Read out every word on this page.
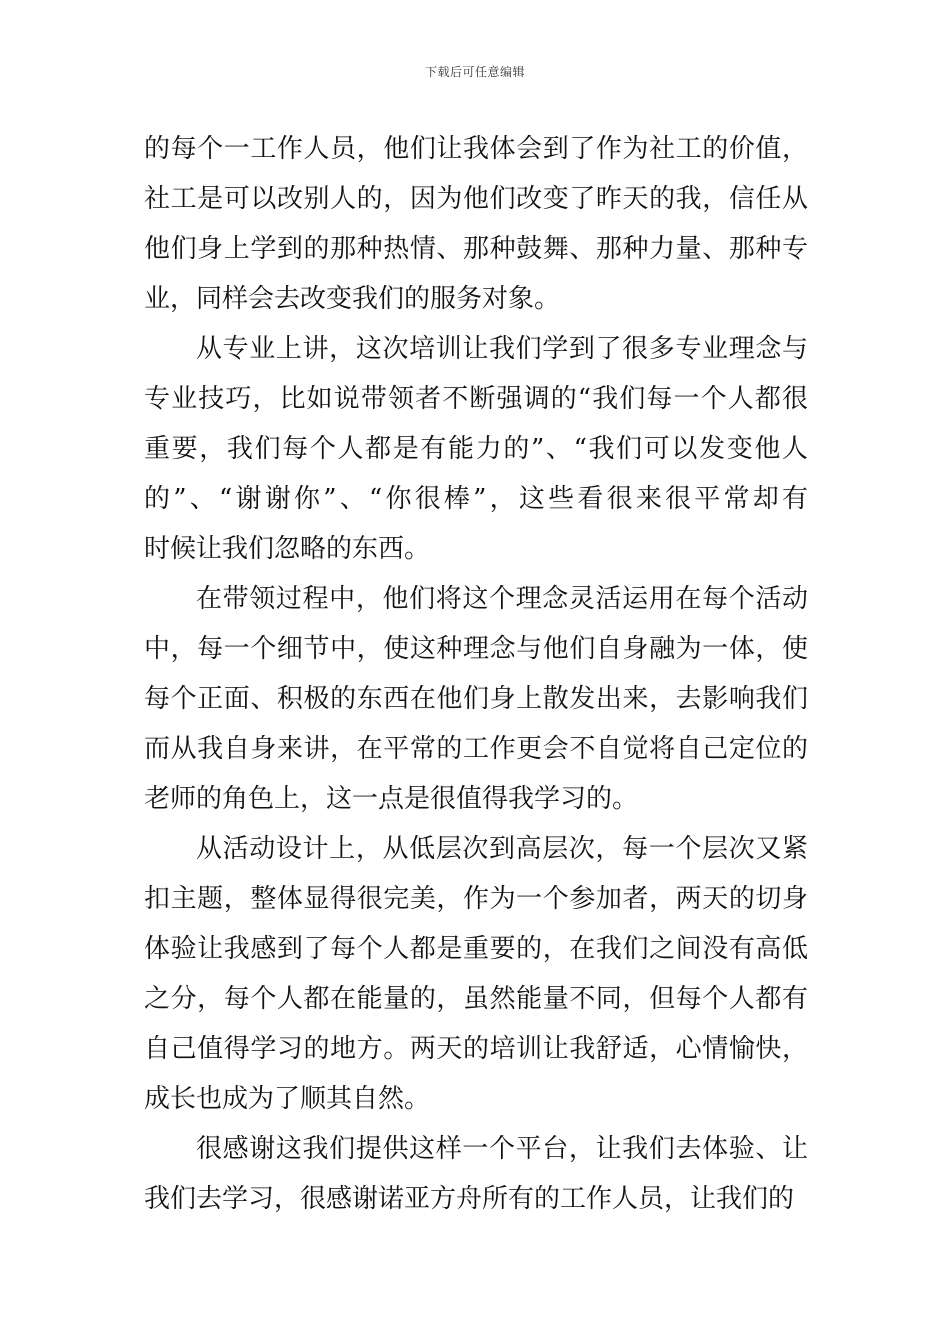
下载后可任意编辑
的每个一工作人员，他们让我体会到了作为社工的价值，
社工是可以改别人的，因为他们改变了昨天的我，信任从
他们身上学到的那种热情、那种鼓舞、那种力量、那种专
业，同样会去改变我们的服务对象。
从专业上讲，这次培训让我们学到了很多专业理念与
专业技巧，比如说带领者不断强调的“我们每一个人都很
重要，我们每个人都是有能力的”、“我们可以发变他人
的”、“谢谢你”、“你很棒”，这些看很来很平常却有
时候让我们忽略的东西。
在带领过程中，他们将这个理念灵活运用在每个活动
中，每一个细节中，使这种理念与他们自身融为一体，使
每个正面、积极的东西在他们身上散发出来，去影响我们
而从我自身来讲，在平常的工作更会不自觉将自己定位的
老师的角色上，这一点是很值得我学习的。
从活动设计上，从低层次到高层次，每一个层次又紧
扣主题，整体显得很完美，作为一个参加者，两天的切身
体验让我感到了每个人都是重要的，在我们之间没有高低
之分，每个人都在能量的，虽然能量不同，但每个人都有
自己值得学习的地方。两天的培训让我舒适，心情愉快，
成长也成为了顺其自然。
很感谢这我们提供这样一个平台，让我们去体验、让
我们去学习，很感谢诺亚方舟所有的工作人员，让我们的
